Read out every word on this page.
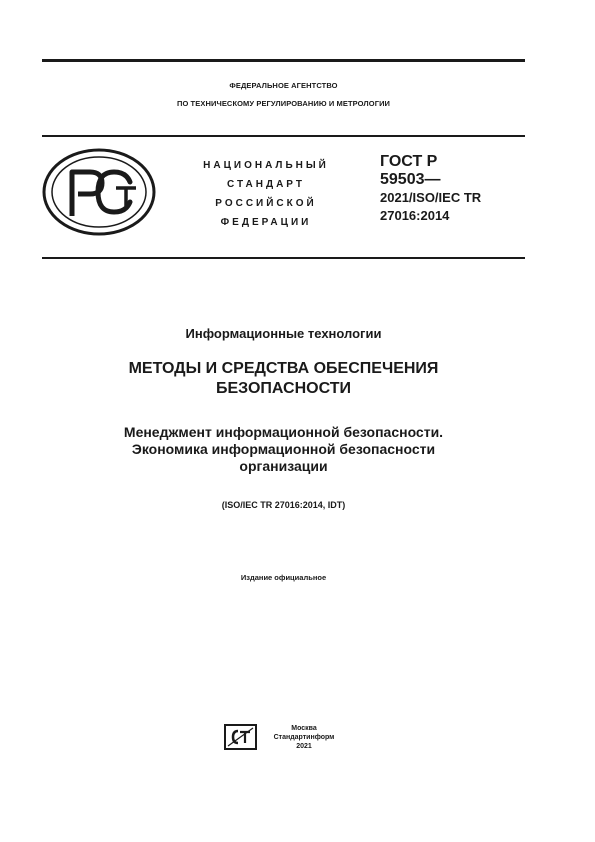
ФЕДЕРАЛЬНОЕ АГЕНТСТВО
ПО ТЕХНИЧЕСКОМУ РЕГУЛИРОВАНИЮ И МЕТРОЛОГИИ
НАЦИОНАЛЬНЫЙ
СТАНДАРТ
РОССИЙСКОЙ
ФЕДЕРАЦИИ
ГОСТ Р
59503—
2021/ISO/IEC TR
27016:2014
Информационные технологии
МЕТОДЫ И СРЕДСТВА ОБЕСПЕЧЕНИЯ
БЕЗОПАСНОСТИ
Менеджмент информационной безопасности.
Экономика информационной безопасности
организации
(ISO/IEC TR 27016:2014, IDT)
Издание официальное
Москва
Стандартинформ
2021
